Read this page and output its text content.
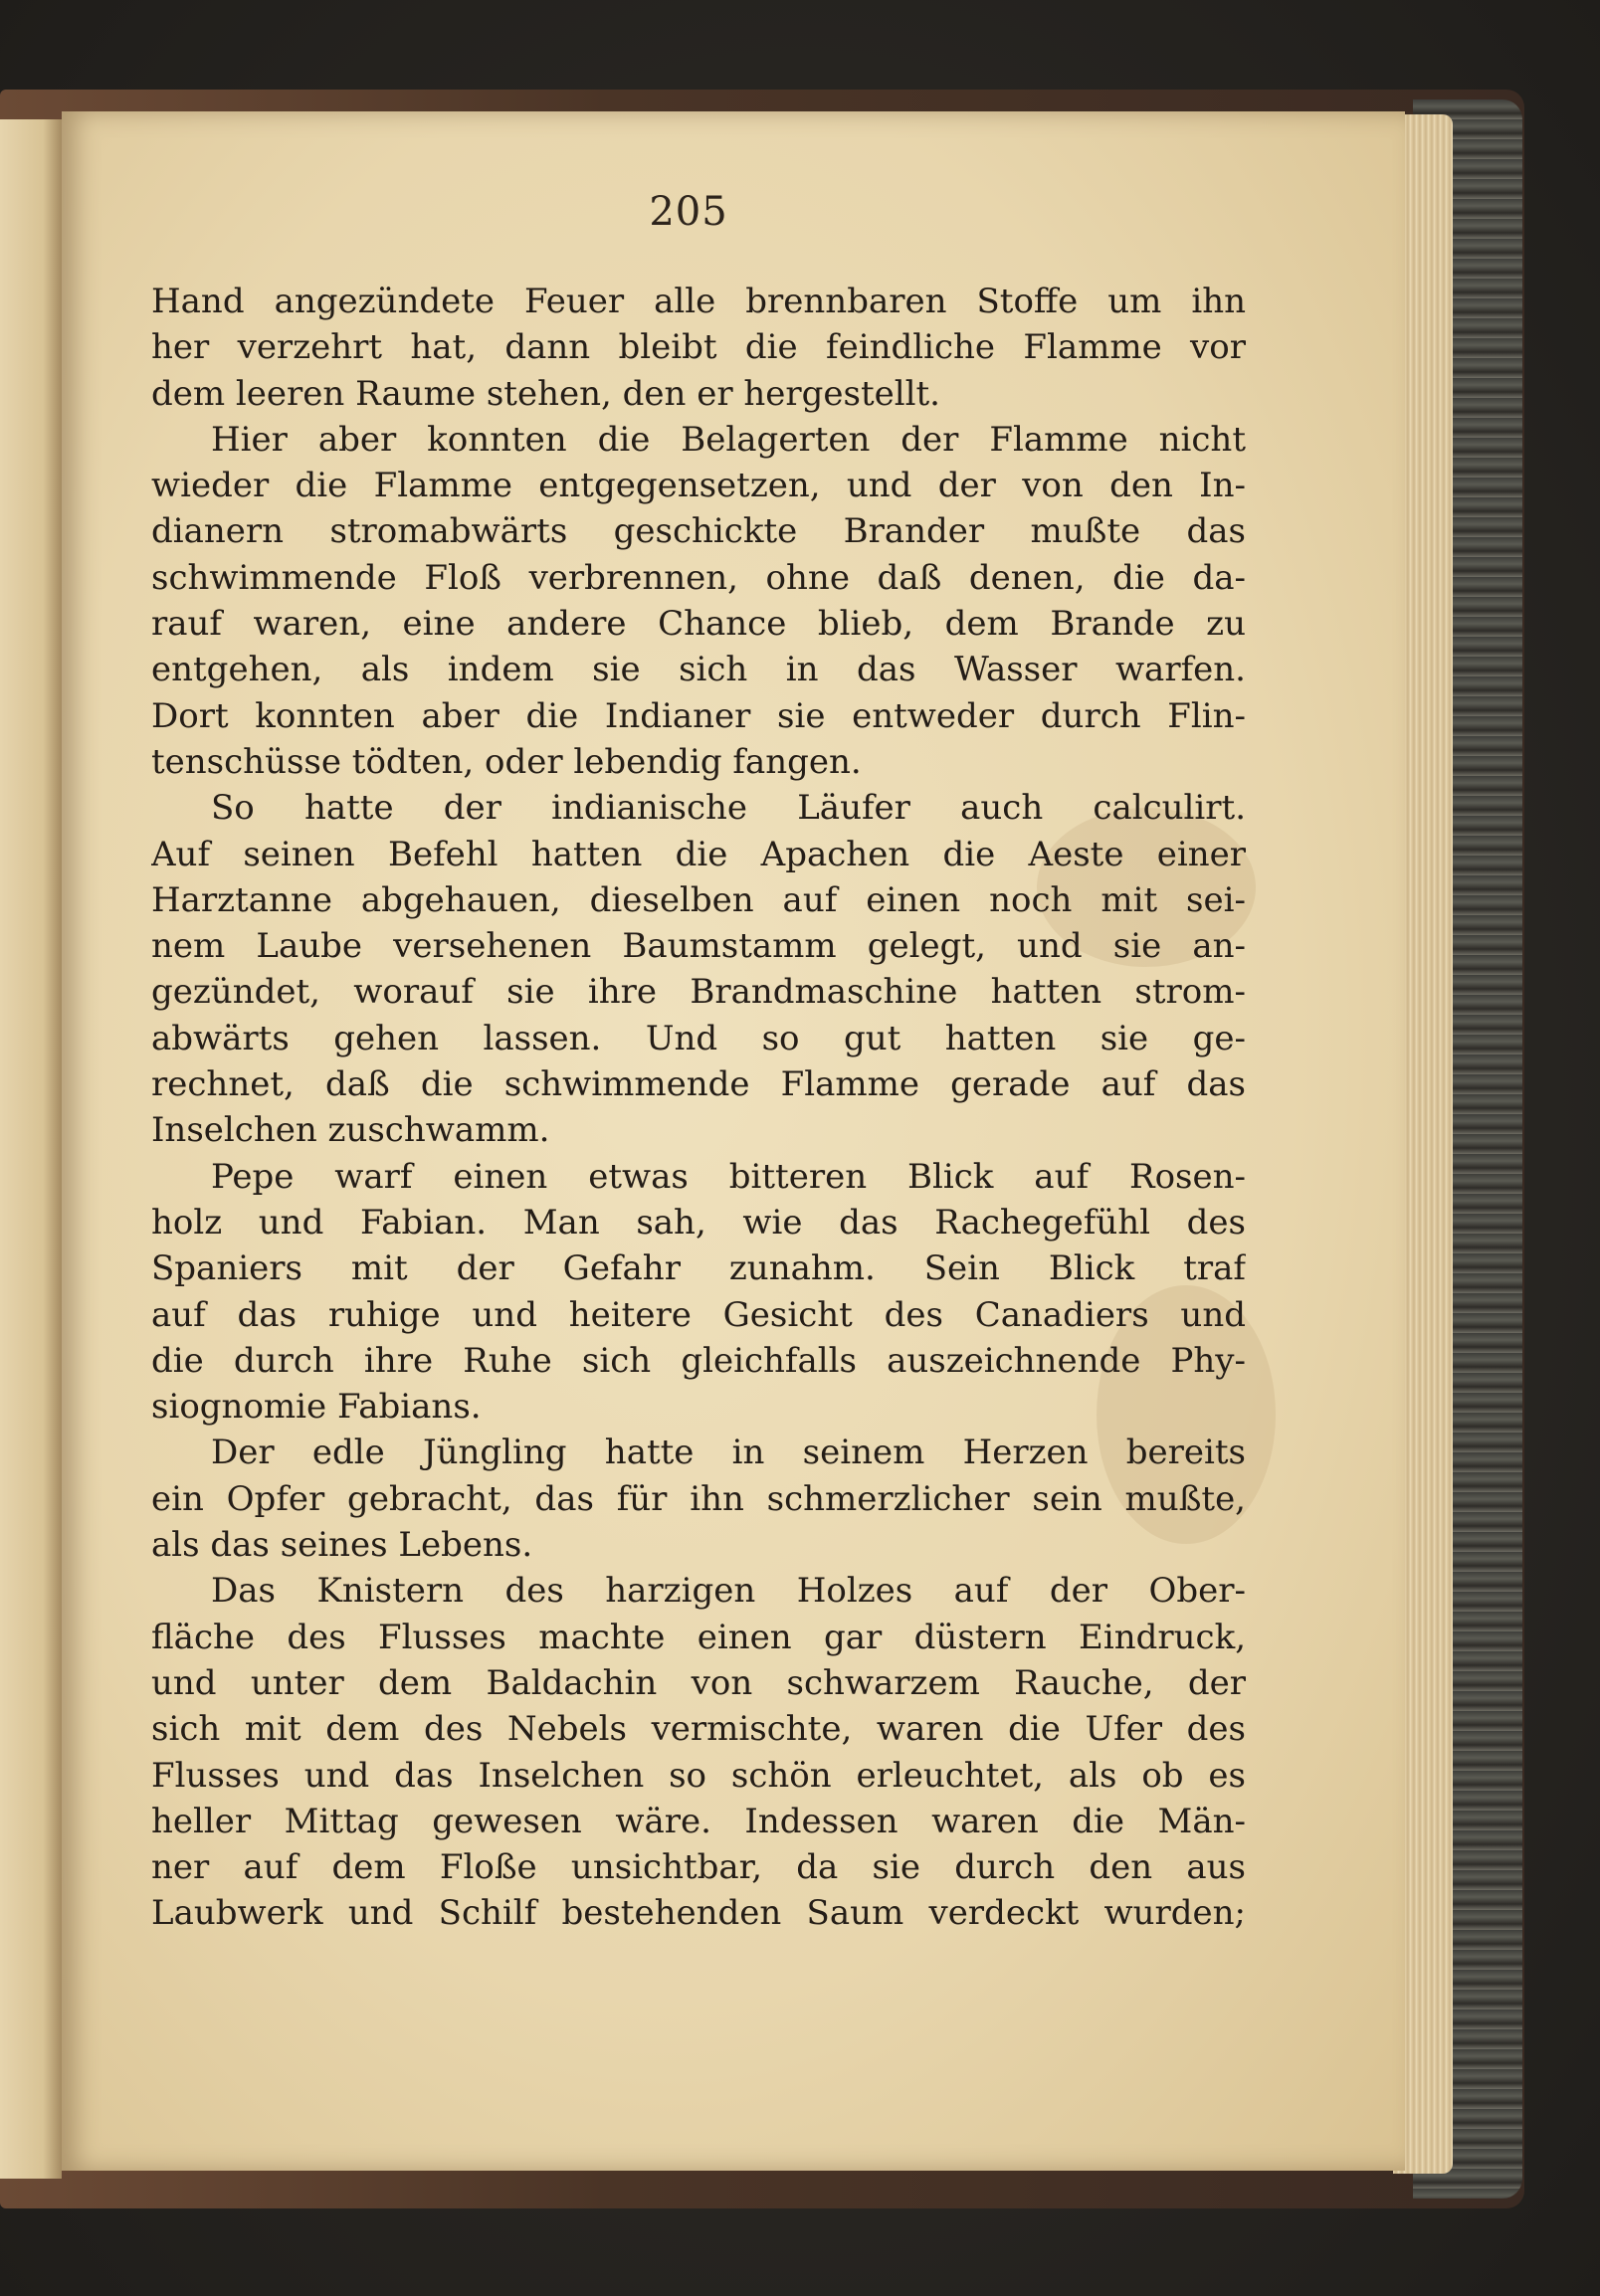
205
Hand angezündete Feuer alle brennbaren Stoffe um ihn
her verzehrt hat, dann bleibt die feindliche Flamme vor
dem leeren Raume stehen, den er hergestellt.
Hier aber konnten die Belagerten der Flamme nicht
wieder die Flamme entgegensetzen, und der von den In-
dianern stromabwärts geschickte Brander mußte das
schwimmende Floß verbrennen, ohne daß denen, die da-
rauf waren, eine andere Chance blieb, dem Brande zu
entgehen, als indem sie sich in das Wasser warfen.
Dort konnten aber die Indianer sie entweder durch Flin-
tenschüsse tödten, oder lebendig fangen.
So hatte der indianische Läufer auch calculirt.
Auf seinen Befehl hatten die Apachen die Aeste einer
Harztanne abgehauen, dieselben auf einen noch mit sei-
nem Laube versehenen Baumstamm gelegt, und sie an-
gezündet, worauf sie ihre Brandmaschine hatten strom-
abwärts gehen lassen. Und so gut hatten sie ge-
rechnet, daß die schwimmende Flamme gerade auf das
Inselchen zuschwamm.
Pepe warf einen etwas bitteren Blick auf Rosen-
holz und Fabian. Man sah, wie das Rachegefühl des
Spaniers mit der Gefahr zunahm. Sein Blick traf
auf das ruhige und heitere Gesicht des Canadiers und
die durch ihre Ruhe sich gleichfalls auszeichnende Phy-
siognomie Fabians.
Der edle Jüngling hatte in seinem Herzen bereits
ein Opfer gebracht, das für ihn schmerzlicher sein mußte,
als das seines Lebens.
Das Knistern des harzigen Holzes auf der Ober-
fläche des Flusses machte einen gar düstern Eindruck,
und unter dem Baldachin von schwarzem Rauche, der
sich mit dem des Nebels vermischte, waren die Ufer des
Flusses und das Inselchen so schön erleuchtet, als ob es
heller Mittag gewesen wäre. Indessen waren die Män-
ner auf dem Floße unsichtbar, da sie durch den aus
Laubwerk und Schilf bestehenden Saum verdeckt wurden;
